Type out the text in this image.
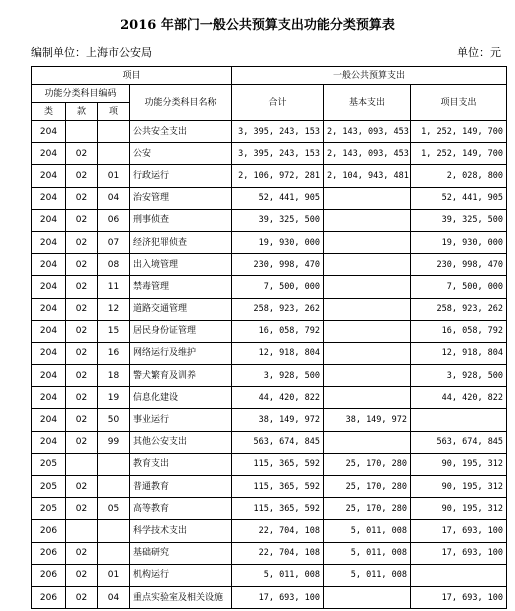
2016 年部门一般公共预算支出功能分类预算表
编制单位：上海市公安局	单位：元
项目				一般公共预算支出		
功能分类科目编码			功能分类科目名称	合计	基本支出	项目支出
类	款	项				
204			公共安全支出	3, 395, 243, 153	2, 143, 093, 453	1, 252, 149, 700
204	02		公安	3, 395, 243, 153	2, 143, 093, 453	1, 252, 149, 700
204	02	01	行政运行	2, 106, 972, 281	2, 104, 943, 481	2, 028, 800
204	02	04	治安管理	52, 441, 905		52, 441, 905
204	02	06	刑事侦查	39, 325, 500		39, 325, 500
204	02	07	经济犯罪侦查	19, 930, 000		19, 930, 000
204	02	08	出入境管理	230, 998, 470		230, 998, 470
204	02	11	禁毒管理	7, 500, 000		7, 500, 000
204	02	12	道路交通管理	258, 923, 262		258, 923, 262
204	02	15	居民身份证管理	16, 058, 792		16, 058, 792
204	02	16	网络运行及维护	12, 918, 804		12, 918, 804
204	02	18	警犬繁育及训养	3, 928, 500		3, 928, 500
204	02	19	信息化建设	44, 420, 822		44, 420, 822
204	02	50	事业运行	38, 149, 972	38, 149, 972	
204	02	99	其他公安支出	563, 674, 845		563, 674, 845
205			教育支出	115, 365, 592	25, 170, 280	90, 195, 312
205	02		普通教育	115, 365, 592	25, 170, 280	90, 195, 312
205	02	05	高等教育	115, 365, 592	25, 170, 280	90, 195, 312
206			科学技术支出	22, 704, 108	5, 011, 008	17, 693, 100
206	02		基础研究	22, 704, 108	5, 011, 008	17, 693, 100
206	02	01	机构运行	5, 011, 008	5, 011, 008	
206	02	04	重点实验室及相关设施	17, 693, 100		17, 693, 100
